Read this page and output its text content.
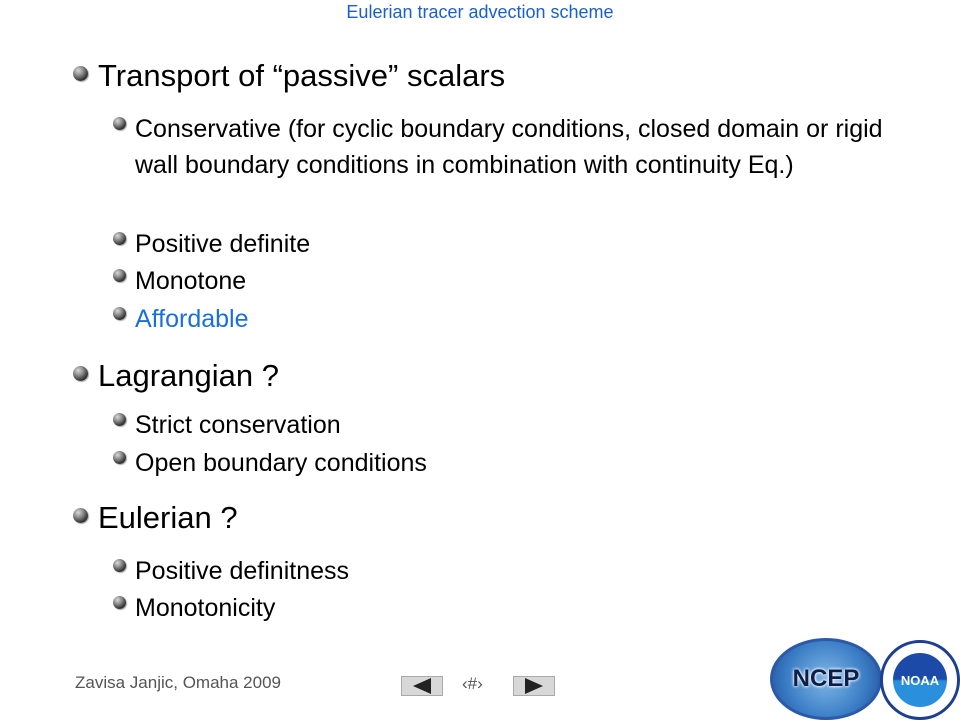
Eulerian tracer advection scheme
Transport of “passive” scalars
Conservative (for cyclic boundary conditions, closed domain or rigid wall boundary conditions in combination with continuity Eq.)
Positive definite
Monotone
Affordable
Lagrangian ?
Strict conservation
Open boundary conditions
Eulerian ?
Positive definitness
Monotonicity
Zavisa Janjic, Omaha 2009	‹#›	NCEP	NOAA
